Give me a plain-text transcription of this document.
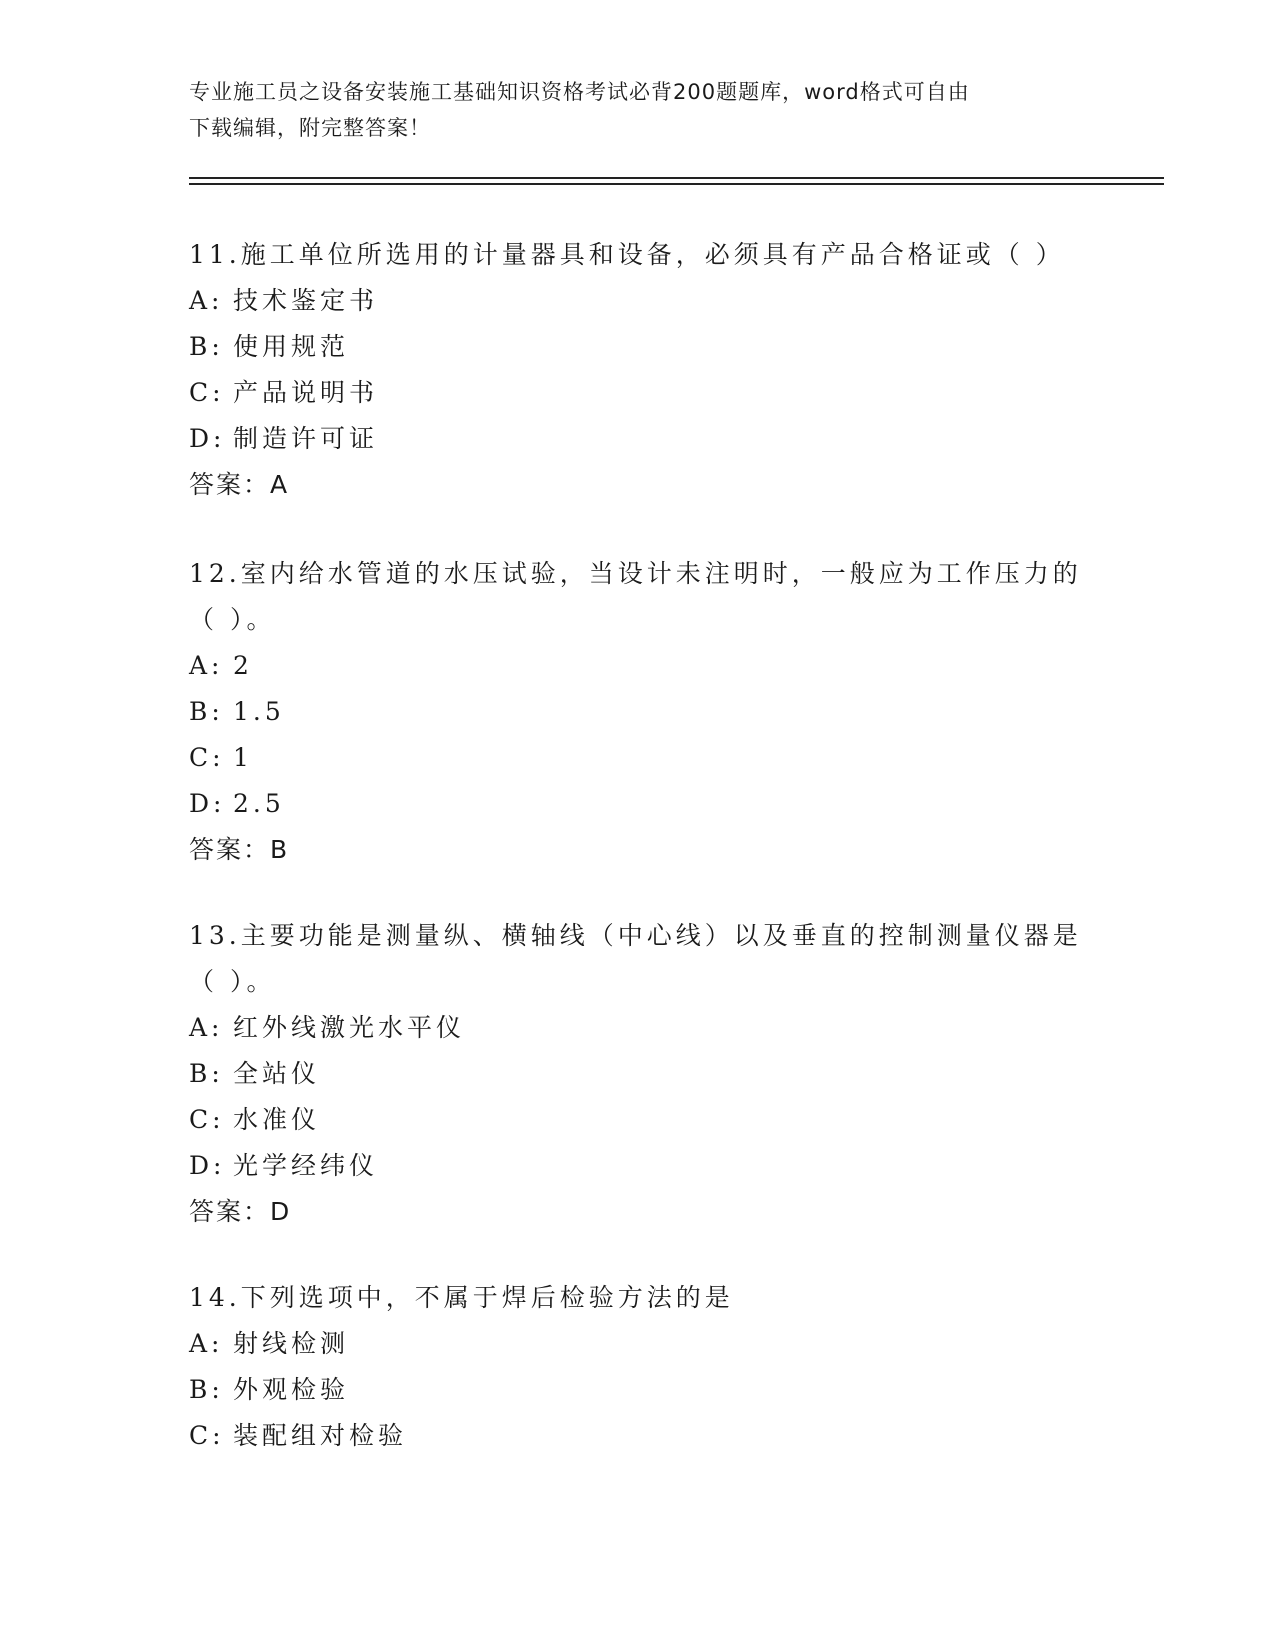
专业施工员之设备安装施工基础知识资格考试必背200题题库，word格式可自由
下载编辑，附完整答案！
11.施工单位所选用的计量器具和设备，必须具有产品合格证或（ ）
A: 技术鉴定书
B: 使用规范
C: 产品说明书
D: 制造许可证
答案：A
12.室内给水管道的水压试验，当设计未注明时，一般应为工作压力的（ ）。
A: 2
B: 1.5
C: 1
D: 2.5
答案：B
13.主要功能是测量纵、横轴线（中心线）以及垂直的控制测量仪器是（ ）。
A: 红外线激光水平仪
B: 全站仪
C: 水准仪
D: 光学经纬仪
答案：D
14.下列选项中，不属于焊后检验方法的是
A: 射线检测
B: 外观检验
C: 装配组对检验
